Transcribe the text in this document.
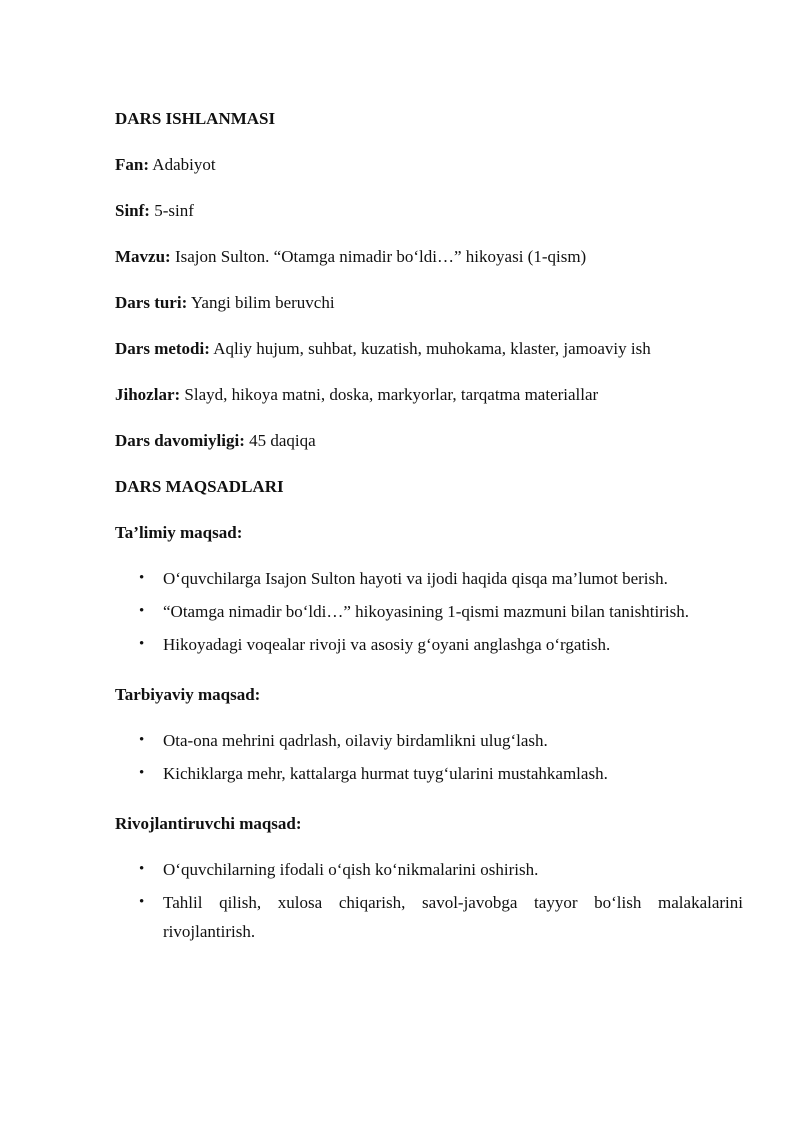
DARS ISHLANMASI

Fan: Adabiyot

Sinf: 5-sinf

Mavzu: Isajon Sulton. “Otamga nimadir bo‘ldi…” hikoyasi (1-qism)

Dars turi: Yangi bilim beruvchi

Dars metodi: Aqliy hujum, suhbat, kuzatish, muhokama, klaster, jamoaviy ish

Jihozlar: Slayd, hikoya matni, doska, markyorlar, tarqatma materiallar

Dars davomiyligi: 45 daqiqa

DARS MAQSADLARI

Ta’limiy maqsad:

• O‘quvchilarga Isajon Sulton hayoti va ijodi haqida qisqa ma’lumot berish.
• “Otamga nimadir bo‘ldi…” hikoyasining 1-qismi mazmuni bilan tanishtirish.
• Hikoyadagi voqealar rivoji va asosiy g‘oyani anglashga o‘rgatish.

Tarbiyaviy maqsad:

• Ota-ona mehrini qadrlash, oilaviy birdamlikni ulug‘lash.
• Kichiklarga mehr, kattalarga hurmat tuyg‘ularini mustahkamlash.

Rivojlantiruvchi maqsad:

• O‘quvchilarning ifodali o‘qish ko‘nikmalarini oshirish.
• Tahlil qilish, xulosa chiqarish, savol-javobga tayyor bo‘lish malakalarini rivojlantirish.
